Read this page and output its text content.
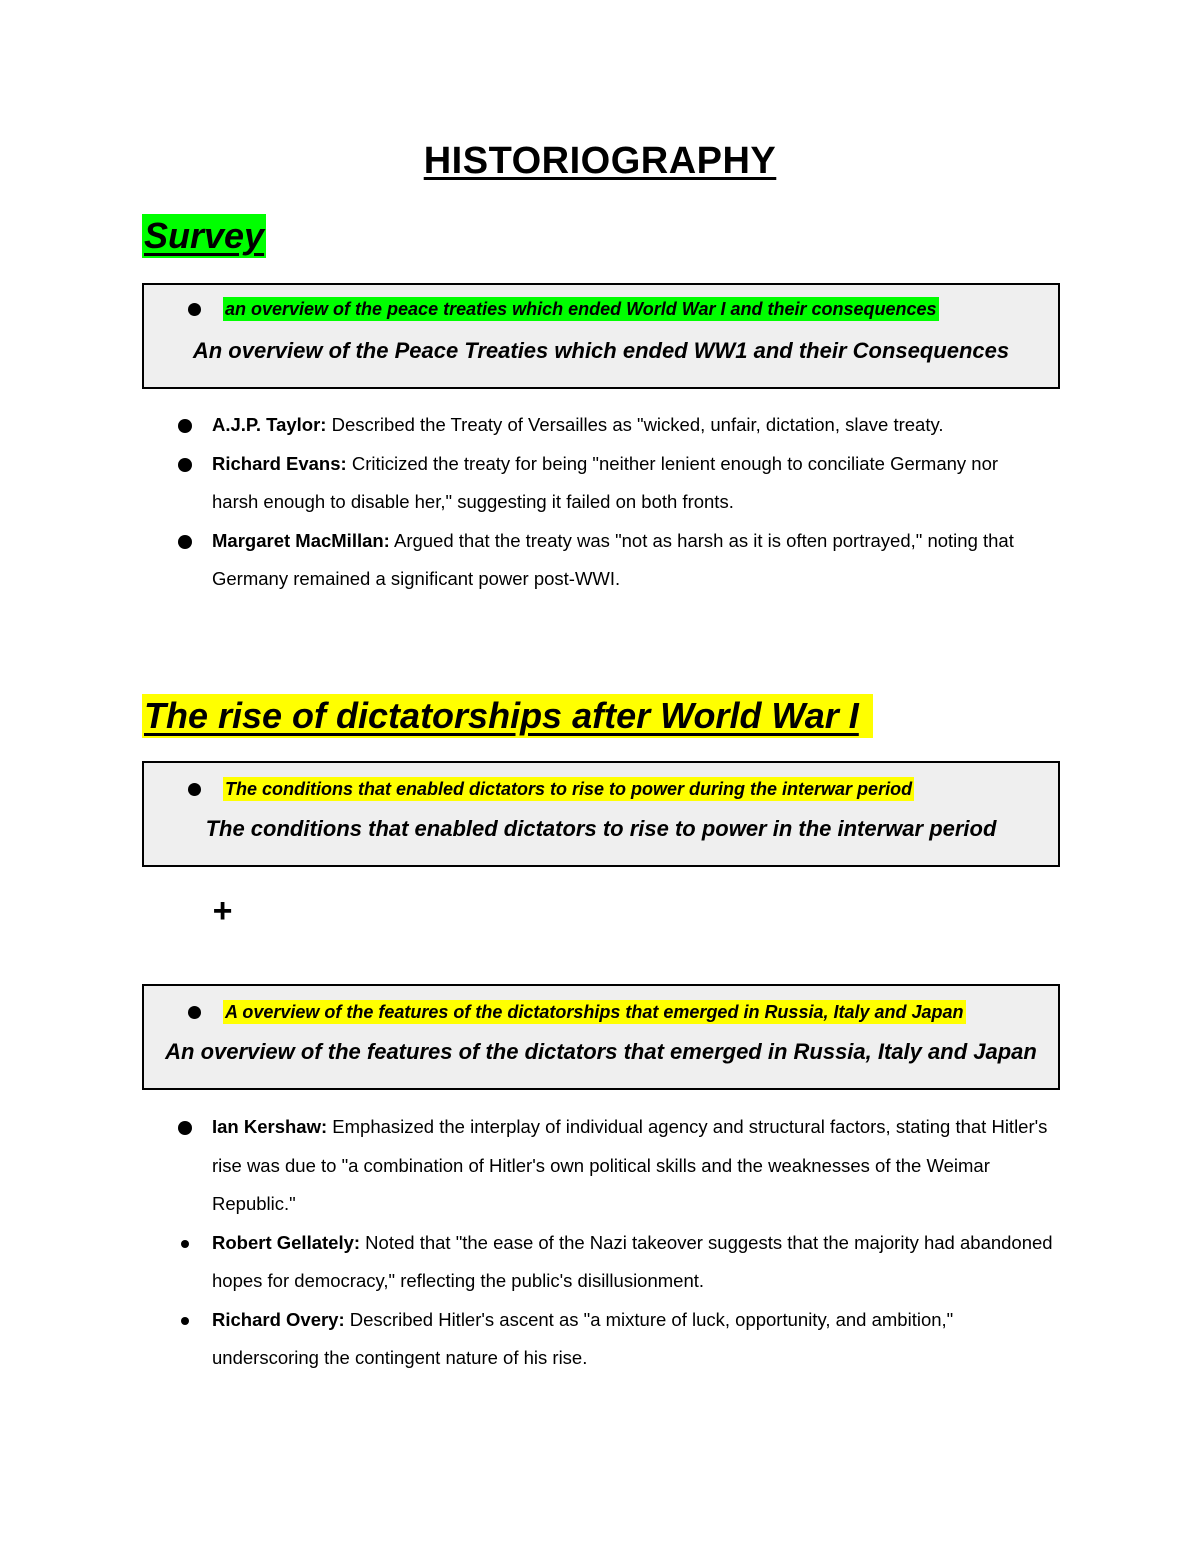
HISTORIOGRAPHY
Survey
an overview of the peace treaties which ended World War I and their consequences
An overview of the Peace Treaties which ended WW1 and their Consequences
A.J.P. Taylor: Described the Treaty of Versailles as "wicked, unfair, dictation, slave treaty.
Richard Evans: Criticized the treaty for being "neither lenient enough to conciliate Germany nor harsh enough to disable her," suggesting it failed on both fronts.
Margaret MacMillan: Argued that the treaty was "not as harsh as it is often portrayed," noting that Germany remained a significant power post-WWI.
The rise of dictatorships after World War I
The conditions that enabled dictators to rise to power during the interwar period
The conditions that enabled dictators to rise to power in the interwar period
+
A overview of the features of the dictatorships that emerged in Russia, Italy and Japan
An overview of the features of the dictators that emerged in Russia, Italy and Japan
Ian Kershaw: Emphasized the interplay of individual agency and structural factors, stating that Hitler's rise was due to "a combination of Hitler's own political skills and the weaknesses of the Weimar Republic."
Robert Gellately: Noted that "the ease of the Nazi takeover suggests that the majority had abandoned hopes for democracy," reflecting the public's disillusionment.
Richard Overy: Described Hitler's ascent as "a mixture of luck, opportunity, and ambition," underscoring the contingent nature of his rise.
